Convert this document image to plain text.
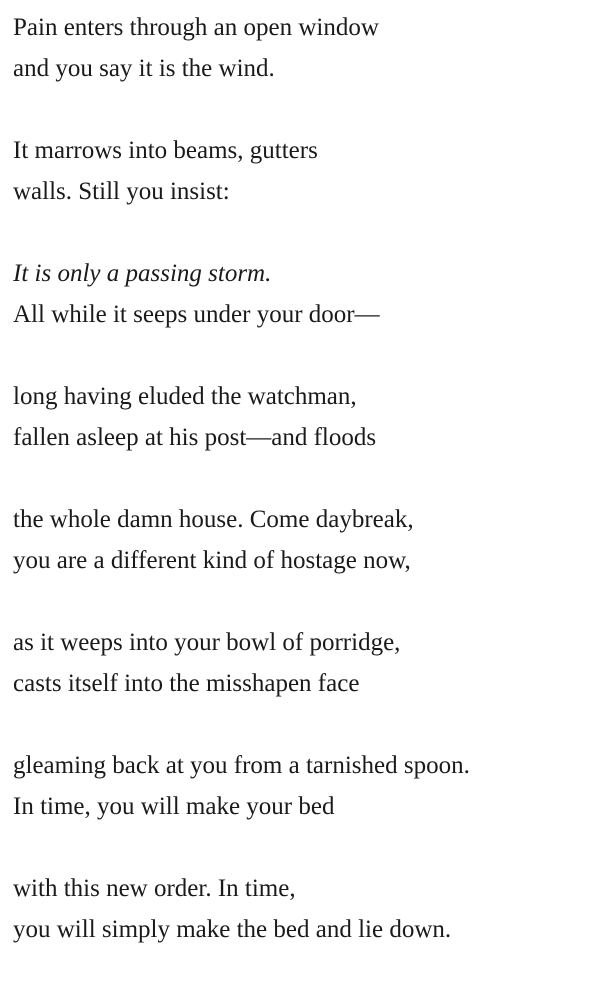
Pain enters through an open window
and you say it is the wind.
It marrows into beams, gutters
walls. Still you insist:
It is only a passing storm.
All while it seeps under your door—
long having eluded the watchman,
fallen asleep at his post—and floods
the whole damn house. Come daybreak,
you are a different kind of hostage now,
as it weeps into your bowl of porridge,
casts itself into the misshapen face
gleaming back at you from a tarnished spoon.
In time, you will make your bed
with this new order. In time,
you will simply make the bed and lie down.
